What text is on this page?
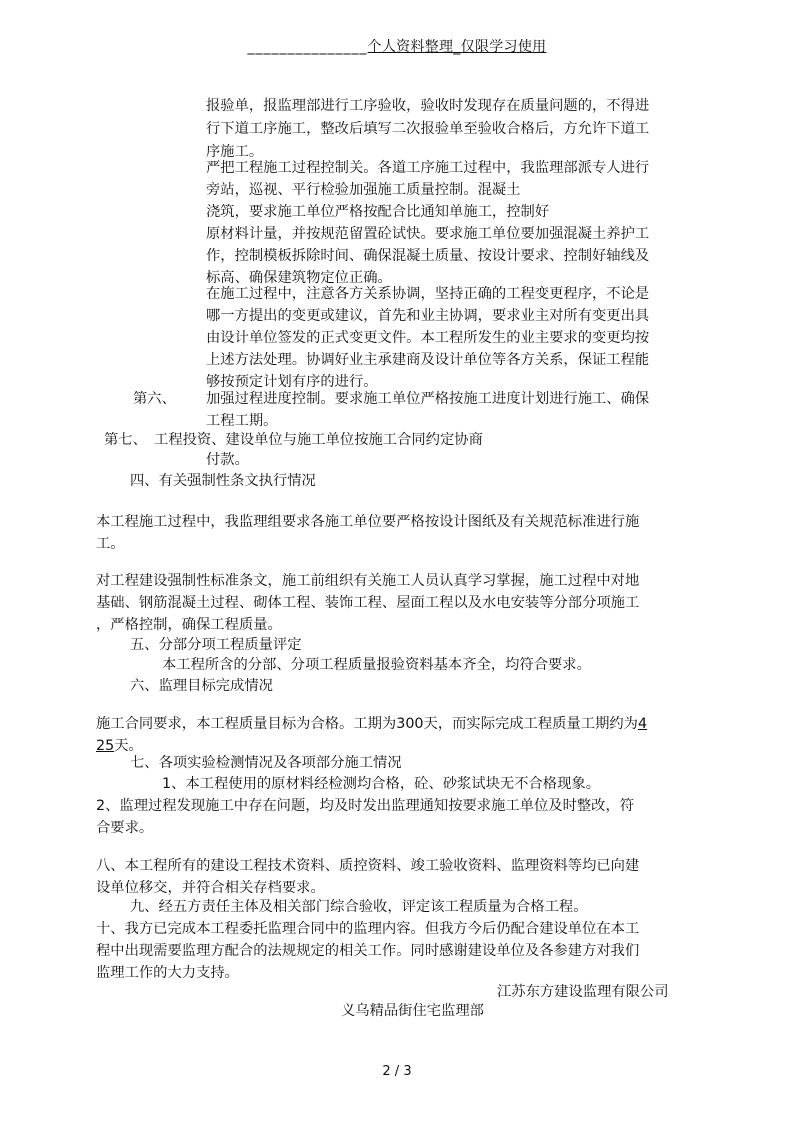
_______________个人资料整理_仅限学习使用
报验单，报监理部进行工序验收，验收时发现存在质量问题的，不得进
行下道工序施工，整改后填写二次报验单至验收合格后，方允许下道工
序施工。
严把工程施工过程控制关。各道工序施工过程中，我监理部派专人进行
旁站，巡视、平行检验加强施工质量控制。混凝土
浇筑，要求施工单位严格按配合比通知单施工，控制好
原材料计量，并按规范留置砼试快。要求施工单位要加强混凝土养护工
作，控制模板拆除时间、确保混凝土质量、按设计要求、控制好轴线及
标高、确保建筑物定位正确。
在施工过程中，注意各方关系协调，坚持正确的工程变更程序，不论是
哪一方提出的变更或建议，首先和业主协调，要求业主对所有变更出具
由设计单位签发的正式变更文件。本工程所发生的业主要求的变更均按
上述方法处理。协调好业主承建商及设计单位等各方关系，保证工程能
够按预定计划有序的进行。
第六、 加强过程进度控制。要求施工单位严格按施工进度计划进行施工、确保
工程工期。
第七、　工程投资、建设单位与施工单位按施工合同约定协商
付款。
四、有关强制性条文执行情况
本工程施工过程中，我监理组要求各施工单位要严格按设计图纸及有关规范标准进行施
工。
对工程建设强制性标准条文，施工前组织有关施工人员认真学习掌握，施工过程中对地
基础、钢筋混凝土过程、砌体工程、装饰工程、屋面工程以及水电安装等分部分项施工
，严格控制，确保工程质量。
五、分部分项工程质量评定
本工程所含的分部、分项工程质量报验资料基本齐全，均符合要求。
六、监理目标完成情况
施工合同要求，本工程质量目标为合格。工期为300天，而实际完成工程质量工期约为4
25天。
七、各项实验检测情况及各项部分施工情况
1、本工程使用的原材料经检测均合格，砼、砂浆试块无不合格现象。
2、监理过程发现施工中存在问题，均及时发出监理通知按要求施工单位及时整改，符
合要求。
八、本工程所有的建设工程技术资料、质控资料、竣工验收资料、监理资料等均已向建
设单位移交，并符合相关存档要求。
九、经五方责任主体及相关部门综合验收，评定该工程质量为合格工程。
十、我方已完成本工程委托监理合同中的监理内容。但我方今后仍配合建设单位在本工
程中出现需要监理方配合的法规规定的相关工作。同时感谢建设单位及各参建方对我们
监理工作的大力支持。
江苏东方建设监理有限公司
义乌精品街住宅监理部
2 / 3
